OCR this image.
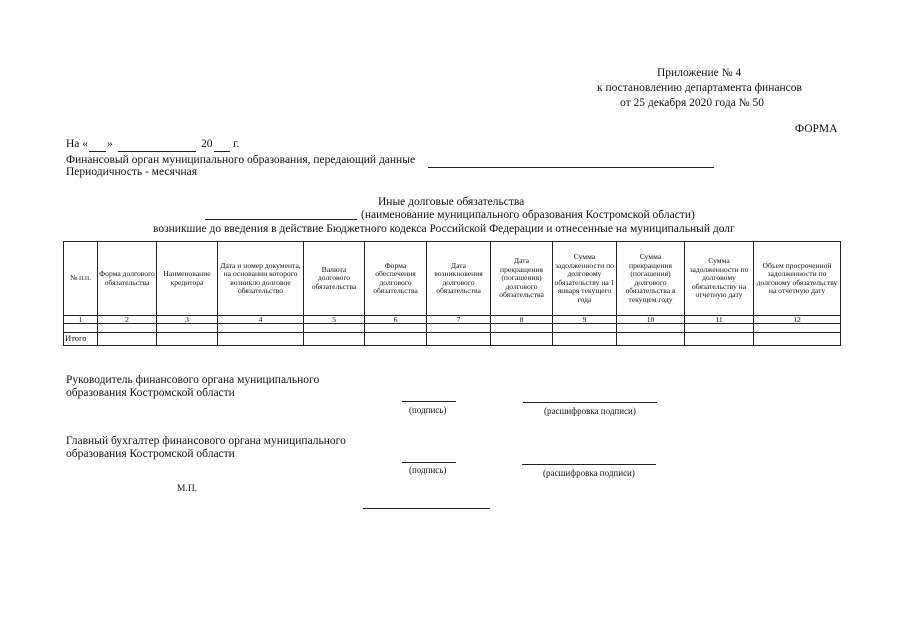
Приложение № 4
к постановлению департамента финансов
от 25 декабря 2020 года № 50
ФОРМА
На « »	20 г.
Финансовый орган муниципального образования, передающий данные
Периодичность - месячная
Иные долговые обязательства
(наименование муниципального образования Костромской области)
возникшие до введения в действие Бюджетного кодекса Российской Федерации и отнесенные на муниципальный долг
№ п.п.	Форма долгового обязательства	Наименование кредитора	Дата и номер документа, на основании которого возникло долговое обязательство	Валюта долгового обязательства	Форма обеспечения долгового обязательства	Дата возникновения долгового обязательства	Дата прекращения (погашения) долгового обязательства	Сумма задолженности по долговому обязательству на 1 января текущего года	Сумма прекращения (погашения) долгового обязательства в текущем году	Сумма задолженности по долговому обязательству на отчетную дату	Объем просроченной задолженности по долговому обязательству на отчетную дату
1	2	3	4	5	6	7	8	9	10	11	12

Итого											
Руководитель финансового органа муниципального
образования Костромской области
(подпись)	(расшифровка подписи)
Главный бухгалтер финансового органа муниципального
образования Костромской области
(подпись)	(расшифровка подписи)
М.П.
